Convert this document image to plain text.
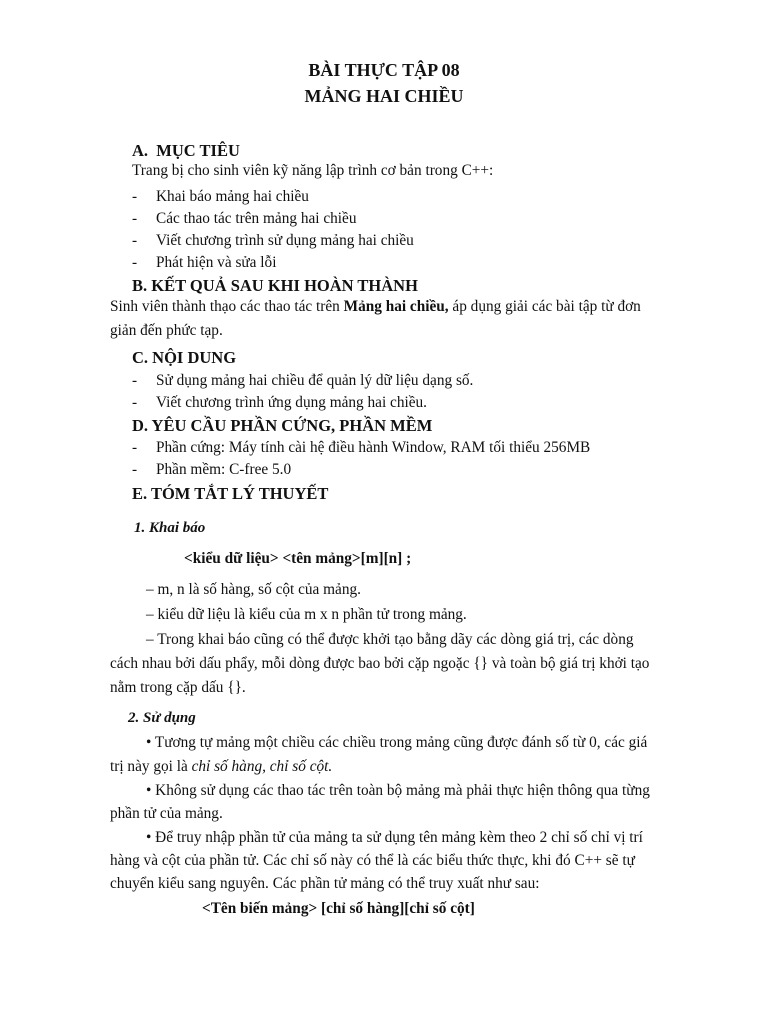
BÀI THỰC TẬP 08
MẢNG HAI CHIỀU
A. MỤC TIÊU
Trang bị cho sinh viên kỹ năng lập trình cơ bản trong C++:
- Khai báo mảng hai chiều
- Các thao tác trên mảng hai chiều
- Viết chương trình sử dụng mảng hai chiều
- Phát hiện và sửa lỗi
B. KẾT QUẢ SAU KHI HOÀN THÀNH
Sinh viên thành thạo các thao tác trên Mảng hai chiều, áp dụng giải các bài tập từ đơn
giản đến phức tạp.
C. NỘI DUNG
- Sử dụng mảng hai chiều để quản lý dữ liệu dạng số.
- Viết chương trình ứng dụng mảng hai chiều.
D. YÊU CẦU PHẦN CỨNG, PHẦN MỀM
- Phần cứng: Máy tính cài hệ điều hành Window, RAM tối thiểu 256MB
- Phần mềm: C-free 5.0
E. TÓM TẮT LÝ THUYẾT
1. Khai báo
<kiểu dữ liệu> <tên mảng>[m][n] ;
– m, n là số hàng, số cột của mảng.
– kiểu dữ liệu là kiểu của m x n phần tử trong mảng.
– Trong khai báo cũng có thể được khởi tạo bằng dãy các dòng giá trị, các dòng
cách nhau bởi dấu phẩy, mỗi dòng được bao bởi cặp ngoặc {} và toàn bộ giá trị khởi tạo
nằm trong cặp dấu {}.
2. Sử dụng
• Tương tự mảng một chiều các chiều trong mảng cũng được đánh số từ 0, các giá
trị này gọi là chỉ số hàng, chỉ số cột.
• Không sử dụng các thao tác trên toàn bộ mảng mà phải thực hiện thông qua từng
phần tử của mảng.
• Để truy nhập phần tử của mảng ta sử dụng tên mảng kèm theo 2 chỉ số chỉ vị trí
hàng và cột của phần tử. Các chỉ số này có thể là các biểu thức thực, khi đó C++ sẽ tự
chuyển kiểu sang nguyên. Các phần tử mảng có thể truy xuất như sau:
<Tên biến mảng> [chỉ số hàng][chỉ số cột]
